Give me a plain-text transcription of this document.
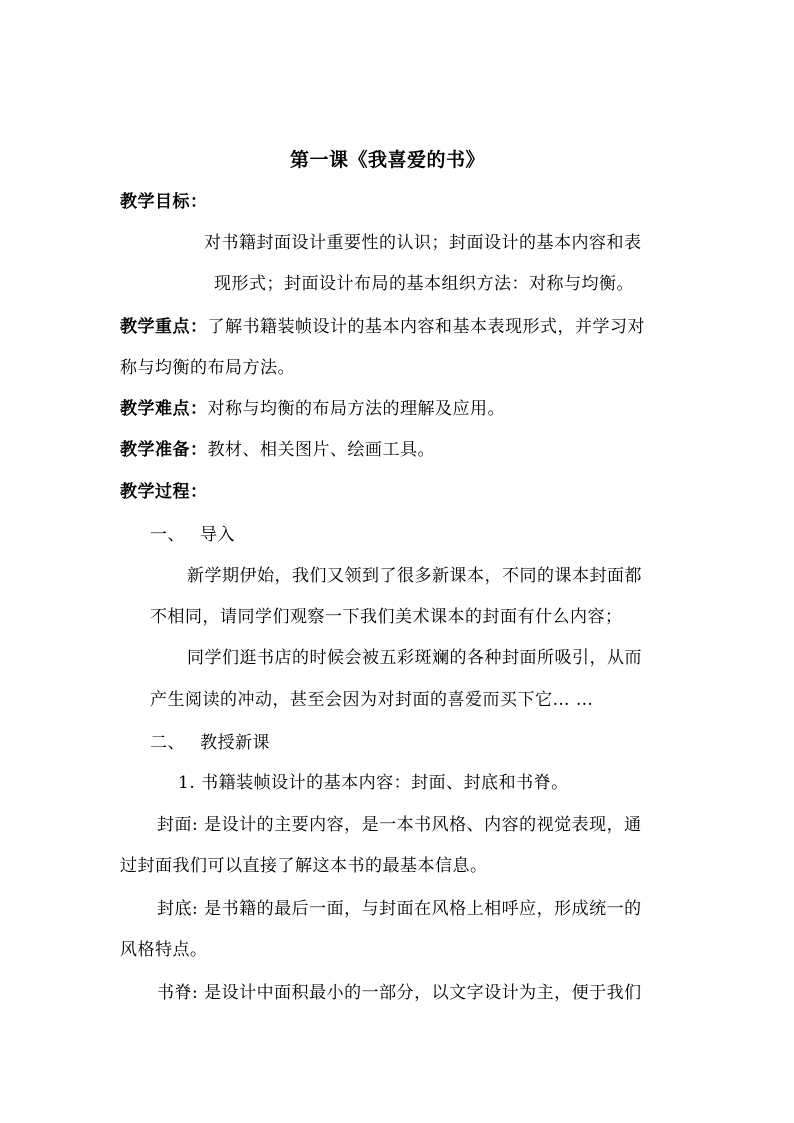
第一课《我喜爱的书》
教学目标：
对书籍封面设计重要性的认识；封面设计的基本内容和表
现形式；封面设计布局的基本组织方法：对称与均衡。
教学重点：了解书籍装帧设计的基本内容和基本表现形式，并学习对
称与均衡的布局方法。
教学难点：对称与均衡的布局方法的理解及应用。
教学准备：教材、相关图片、绘画工具。
教学过程：
一、 导入
新学期伊始，我们又领到了很多新课本，不同的课本封面都
不相同，请同学们观察一下我们美术课本的封面有什么内容；
同学们逛书店的时候会被五彩斑斓的各种封面所吸引，从而
产生阅读的冲动，甚至会因为对封面的喜爱而买下它… …
二、 教授新课
1. 书籍装帧设计的基本内容：封面、封底和书脊。
封面: 是设计的主要内容，是一本书风格、内容的视觉表现，通
过封面我们可以直接了解这本书的最基本信息。
封底: 是书籍的最后一面，与封面在风格上相呼应，形成统一的
风格特点。
书脊: 是设计中面积最小的一部分，以文字设计为主，便于我们
